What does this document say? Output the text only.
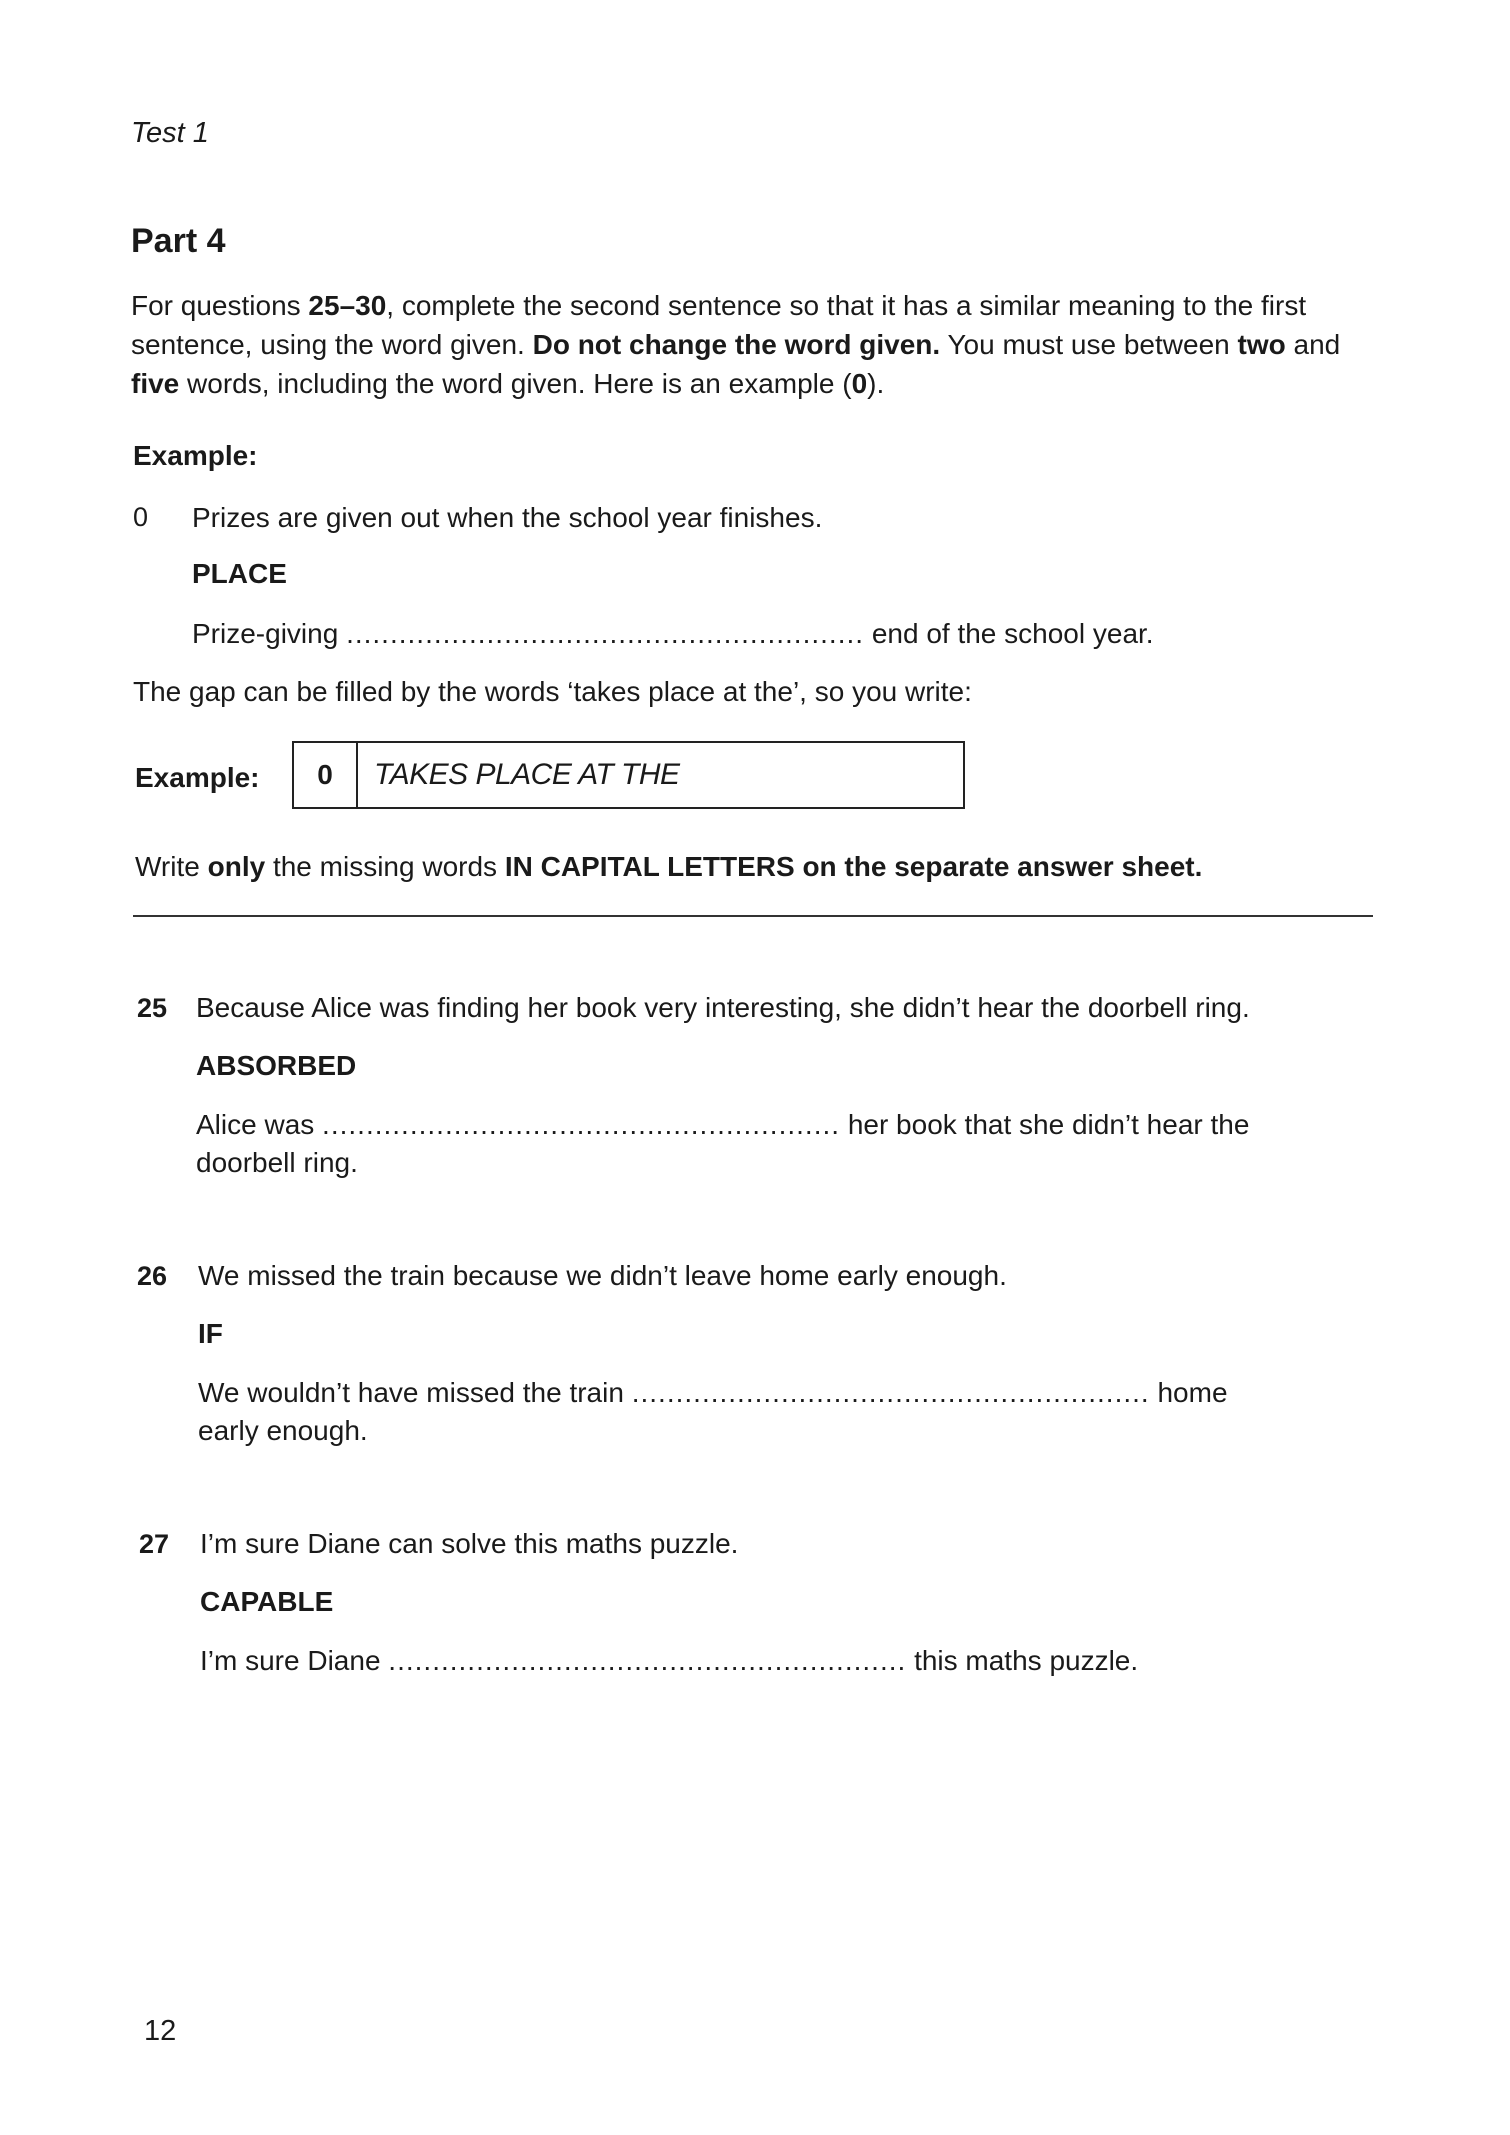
Test 1
Part 4
For questions 25–30, complete the second sentence so that it has a similar meaning to the first sentence, using the word given. Do not change the word given. You must use between two and five words, including the word given. Here is an example (0).
Example:
0 Prizes are given out when the school year finishes.
PLACE
Prize-giving ........................................................... end of the school year.
The gap can be filled by the words ‘takes place at the’, so you write:
Example:	0	TAKES PLACE AT THE
Write only the missing words IN CAPITAL LETTERS on the separate answer sheet.
25 Because Alice was finding her book very interesting, she didn’t hear the doorbell ring.
ABSORBED
Alice was ........................................................... her book that she didn’t hear the
doorbell ring.
26 We missed the train because we didn’t leave home early enough.
IF
We wouldn’t have missed the train ........................................................... home
early enough.
27 I’m sure Diane can solve this maths puzzle.
CAPABLE
I’m sure Diane ........................................................... this maths puzzle.
12
